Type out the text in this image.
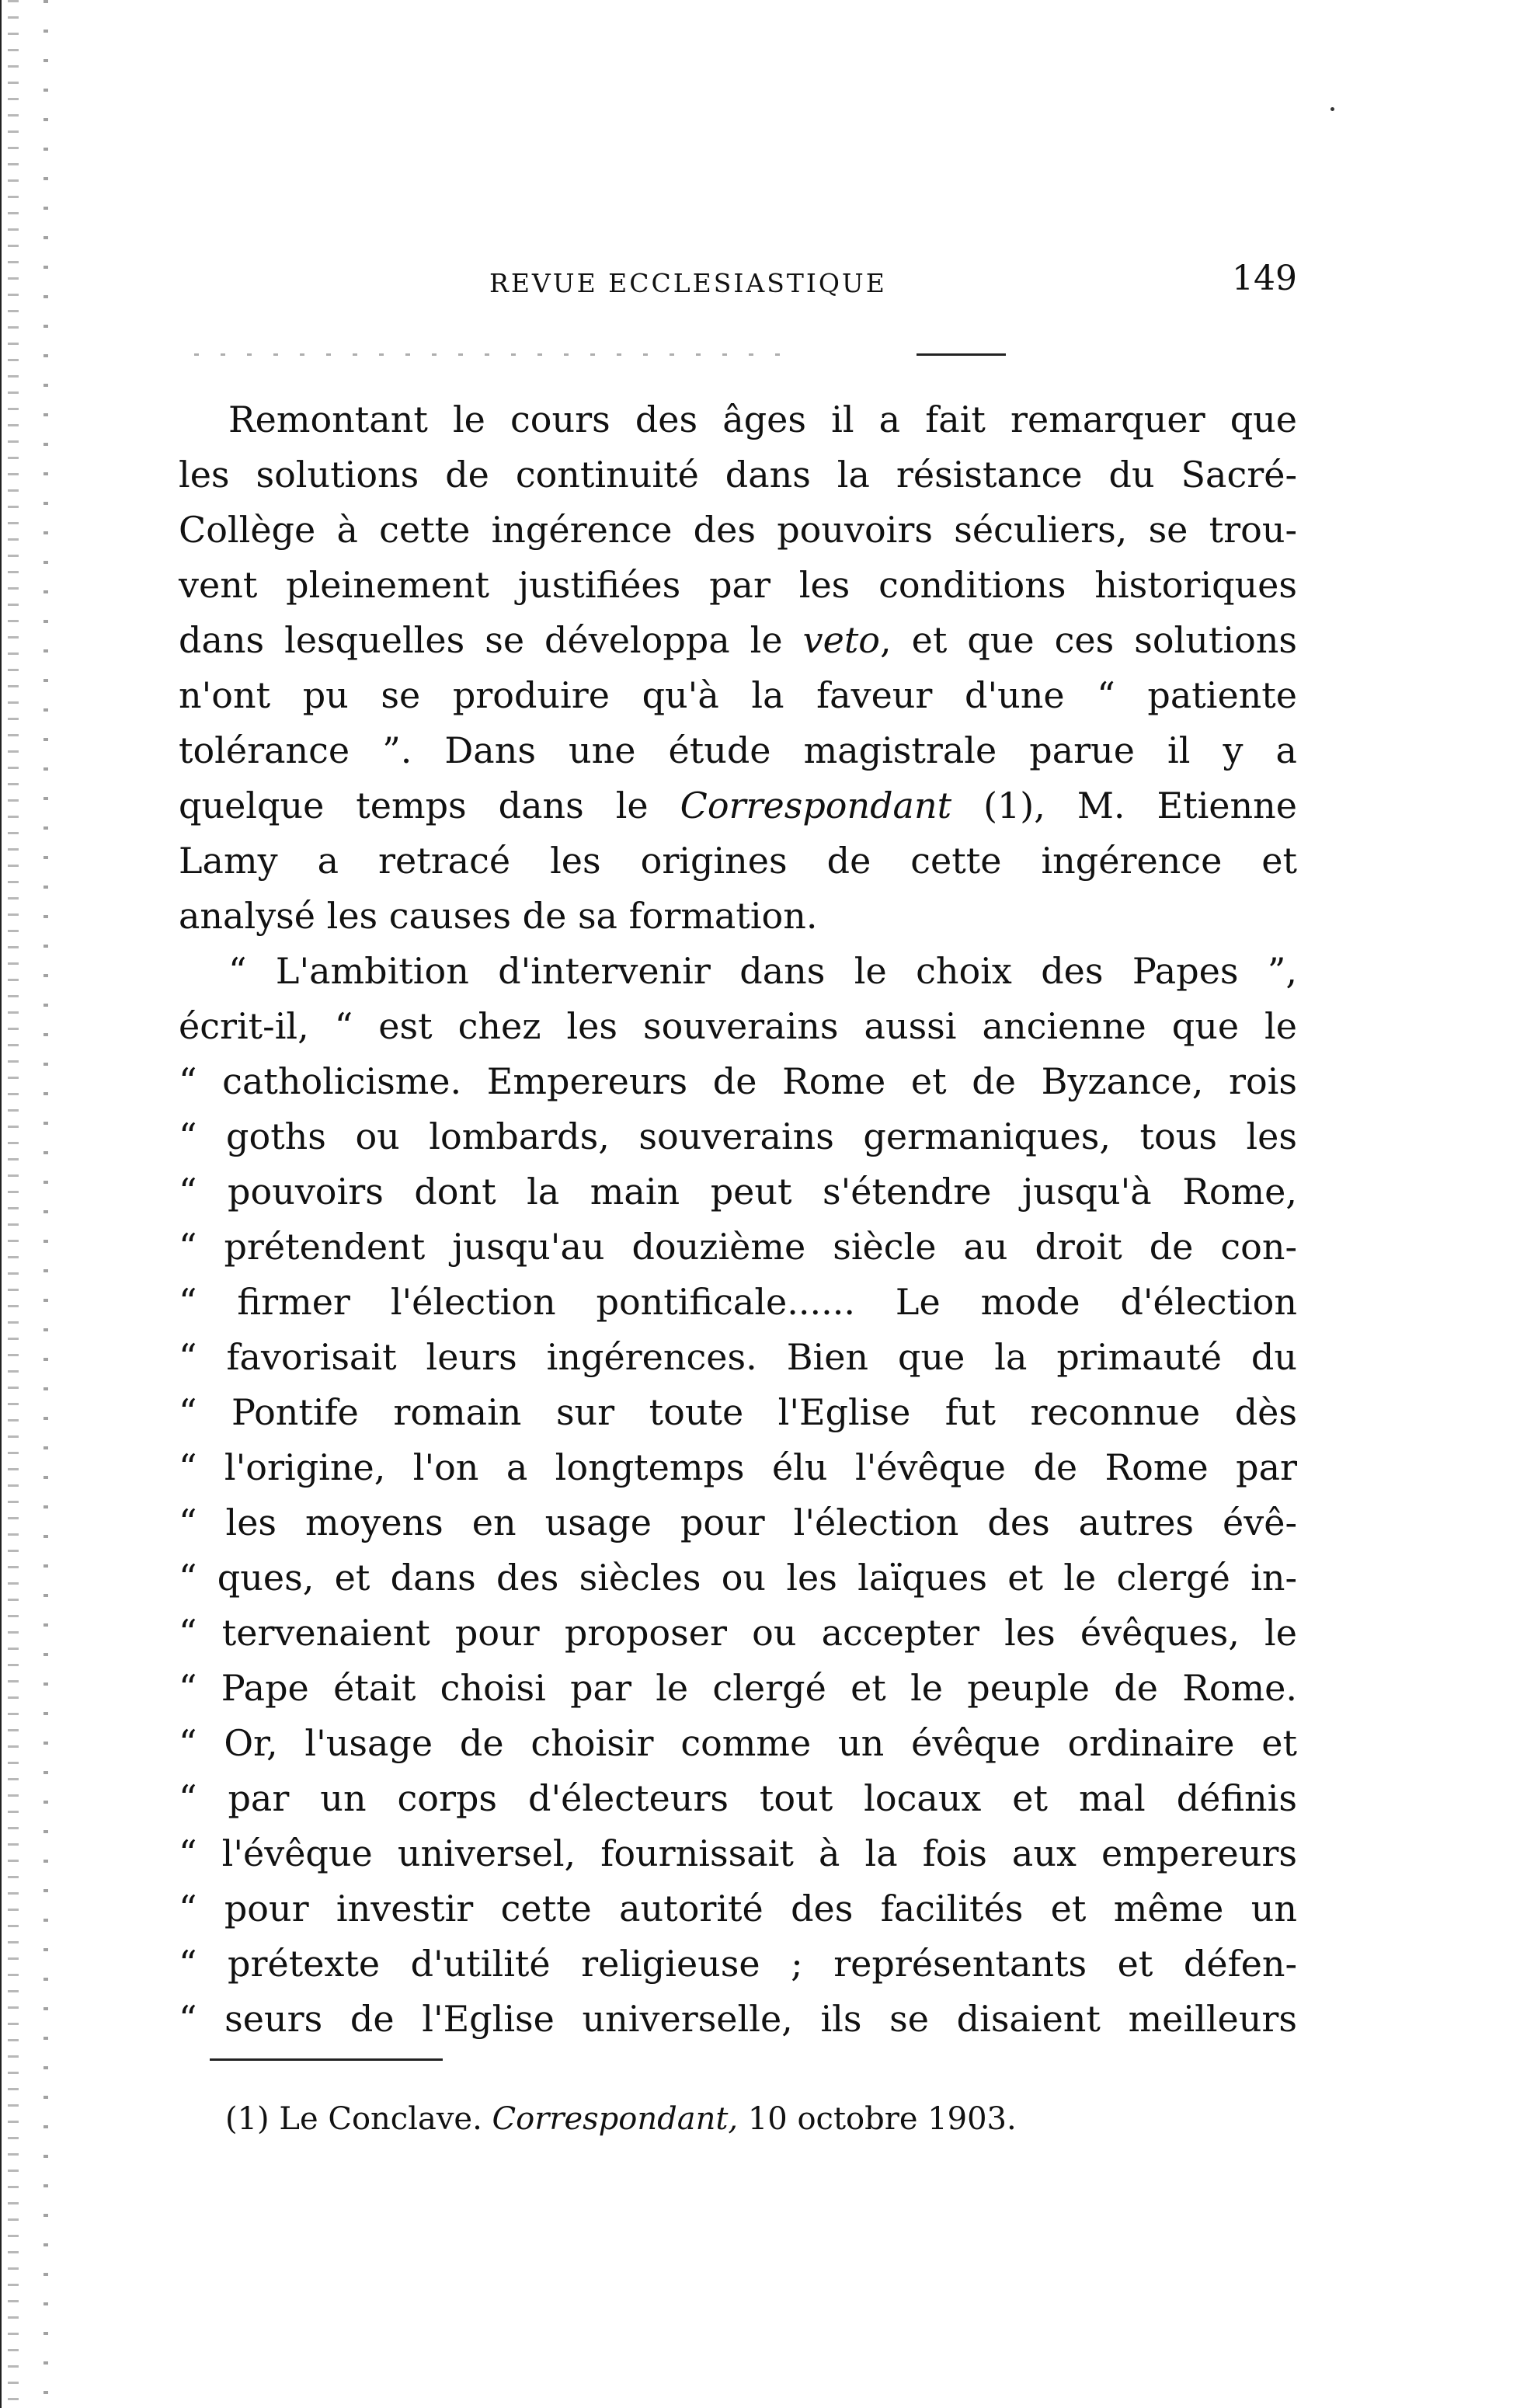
REVUE ECCLESIASTIQUE	149
Remontant le cours des âges il a fait remarquer que
les solutions de continuité dans la résistance du Sacré-
Collège à cette ingérence des pouvoirs séculiers, se trou-
vent pleinement justifiées par les conditions historiques
dans lesquelles se développa le veto, et que ces solutions
n'ont pu se produire qu'à la faveur d'une “ patiente
tolérance ”. Dans une étude magistrale parue il y a
quelque temps dans le Correspondant (1), M. Etienne
Lamy a retracé les origines de cette ingérence et
analysé les causes de sa formation.
“ L'ambition d'intervenir dans le choix des Papes ”,
écrit-il, “ est chez les souverains aussi ancienne que le
“ catholicisme. Empereurs de Rome et de Byzance, rois
“ goths ou lombards, souverains germaniques, tous les
“ pouvoirs dont la main peut s'étendre jusqu'à Rome,
“ prétendent jusqu'au douzième siècle au droit de con-
“ firmer l'élection pontificale...... Le mode d'élection
“ favorisait leurs ingérences. Bien que la primauté du
“ Pontife romain sur toute l'Eglise fut reconnue dès
“ l'origine, l'on a longtemps élu l'évêque de Rome par
“ les moyens en usage pour l'élection des autres évê-
“ ques, et dans des siècles ou les laïques et le clergé in-
“ tervenaient pour proposer ou accepter les évêques, le
“ Pape était choisi par le clergé et le peuple de Rome.
“ Or, l'usage de choisir comme un évêque ordinaire et
“ par un corps d'électeurs tout locaux et mal définis
“ l'évêque universel, fournissait à la fois aux empereurs
“ pour investir cette autorité des facilités et même un
“ prétexte d'utilité religieuse ; représentants et défen-
“ seurs de l'Eglise universelle, ils se disaient meilleurs
(1) Le Conclave. Correspondant, 10 octobre 1903.
